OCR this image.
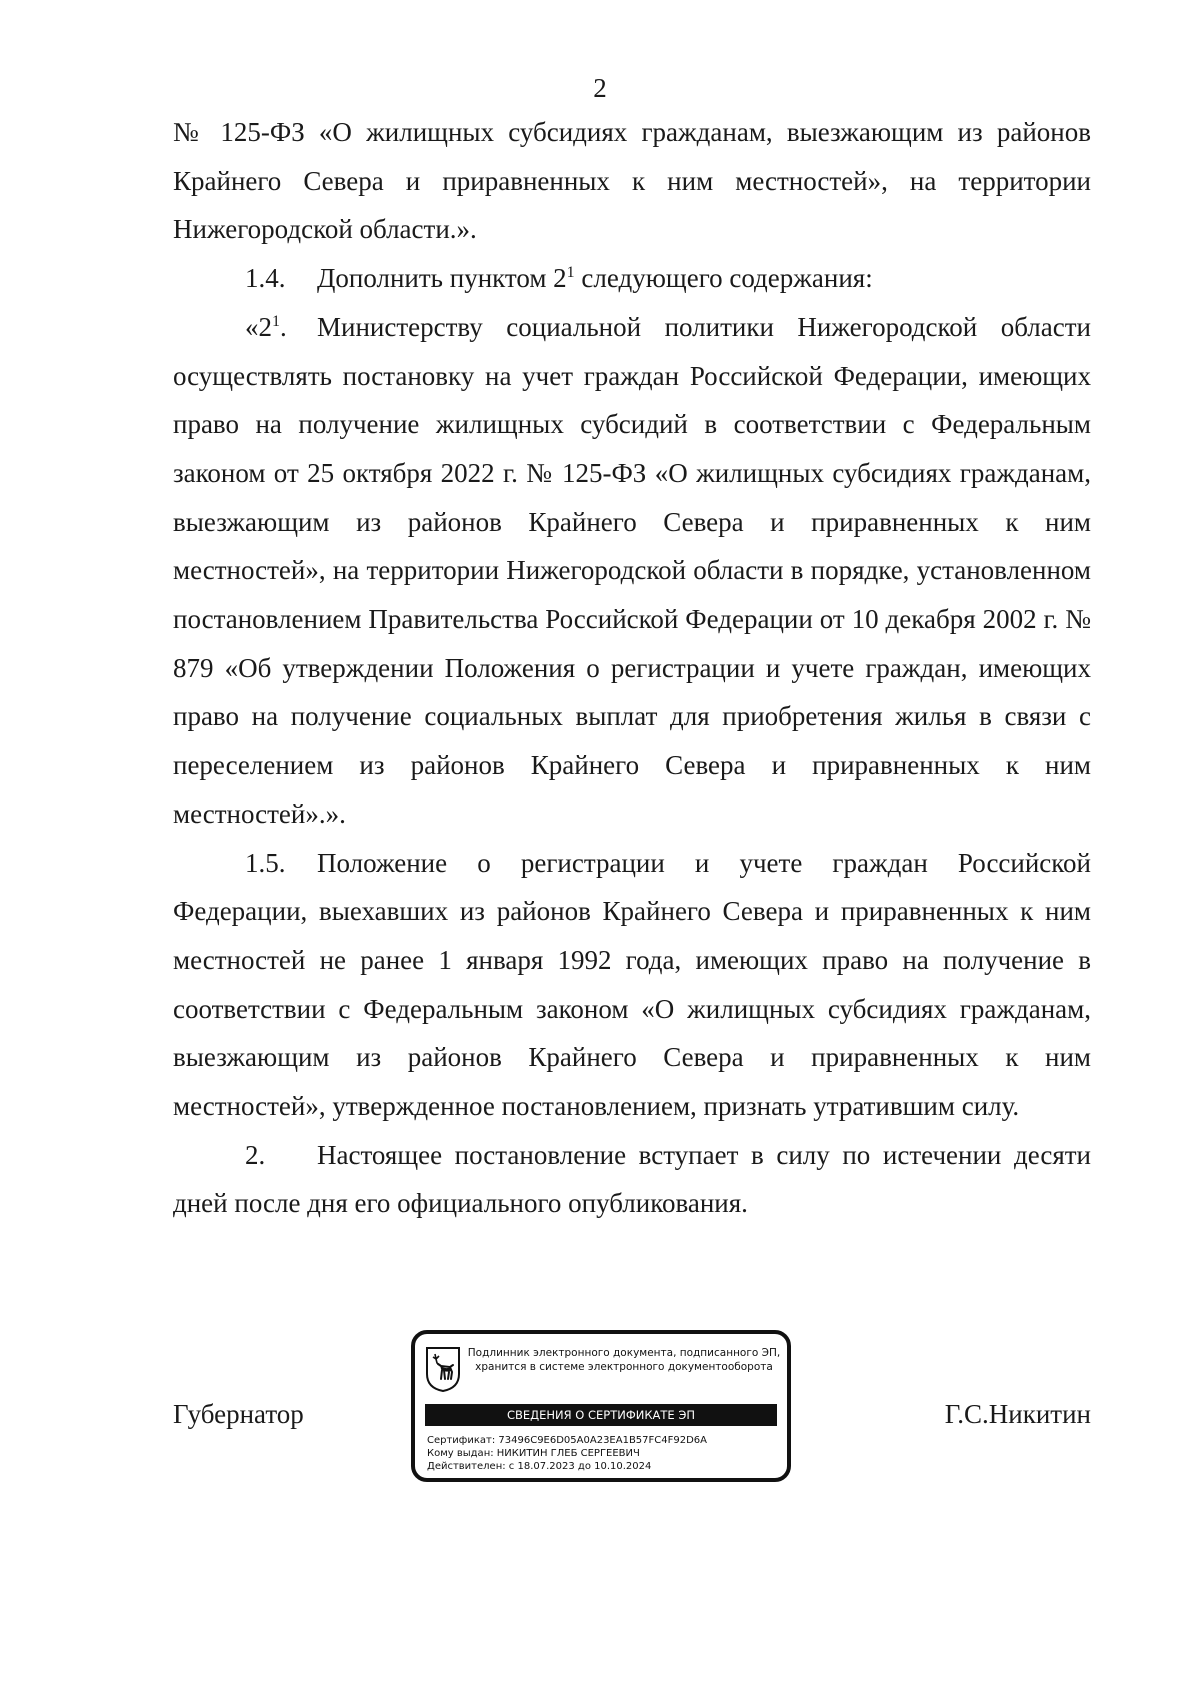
2

№ 125-ФЗ «О жилищных субсидиях гражданам, выезжающим из районов Крайнего Севера и приравненных к ним местностей», на территории Нижегородской области.».

1.4. Дополнить пунктом $2^1$ следующего содержания:

«$2^1$. Министерству социальной политики Нижегородской области осуществлять постановку на учет граждан Российской Федерации, имеющих право на получение жилищных субсидий в соответствии с Федеральным законом от 25 октября 2022 г. № 125-ФЗ «О жилищных субсидиях гражданам, выезжающим из районов Крайнего Севера и приравненных к ним местностей», на территории Нижегородской области в порядке, установленном постановлением Правительства Российской Федерации от 10 декабря 2002 г. № 879 «Об утверждении Положения о регистрации и учете граждан, имеющих право на получение социальных выплат для приобретения жилья в связи с переселением из районов Крайнего Севера и приравненных к ним местностей».».

1.5. Положение о регистрации и учете граждан Российской Федерации, выехавших из районов Крайнего Севера и приравненных к ним местностей не ранее 1 января 1992 года, имеющих право на получение в соответствии с Федеральным законом «О жилищных субсидиях гражданам, выезжающим из районов Крайнего Севера и приравненных к ним местностей», утвержденное постановлением, признать утратившим силу.

2. Настоящее постановление вступает в силу по истечении десяти дней после дня его официального опубликования.

Губернатор
Подлинник электронного документа, подписанного ЭП, хранится в системе электронного документооборота
СВЕДЕНИЯ О СЕРТИФИКАТЕ ЭП
Сертификат: 73496C9E6D05A0A23EA1B57FC4F92D6A
Кому выдан: НИКИТИН ГЛЕБ СЕРГЕЕВИЧ
Действителен: с 18.07.2023 до 10.10.2024
Г.С.Никитин
